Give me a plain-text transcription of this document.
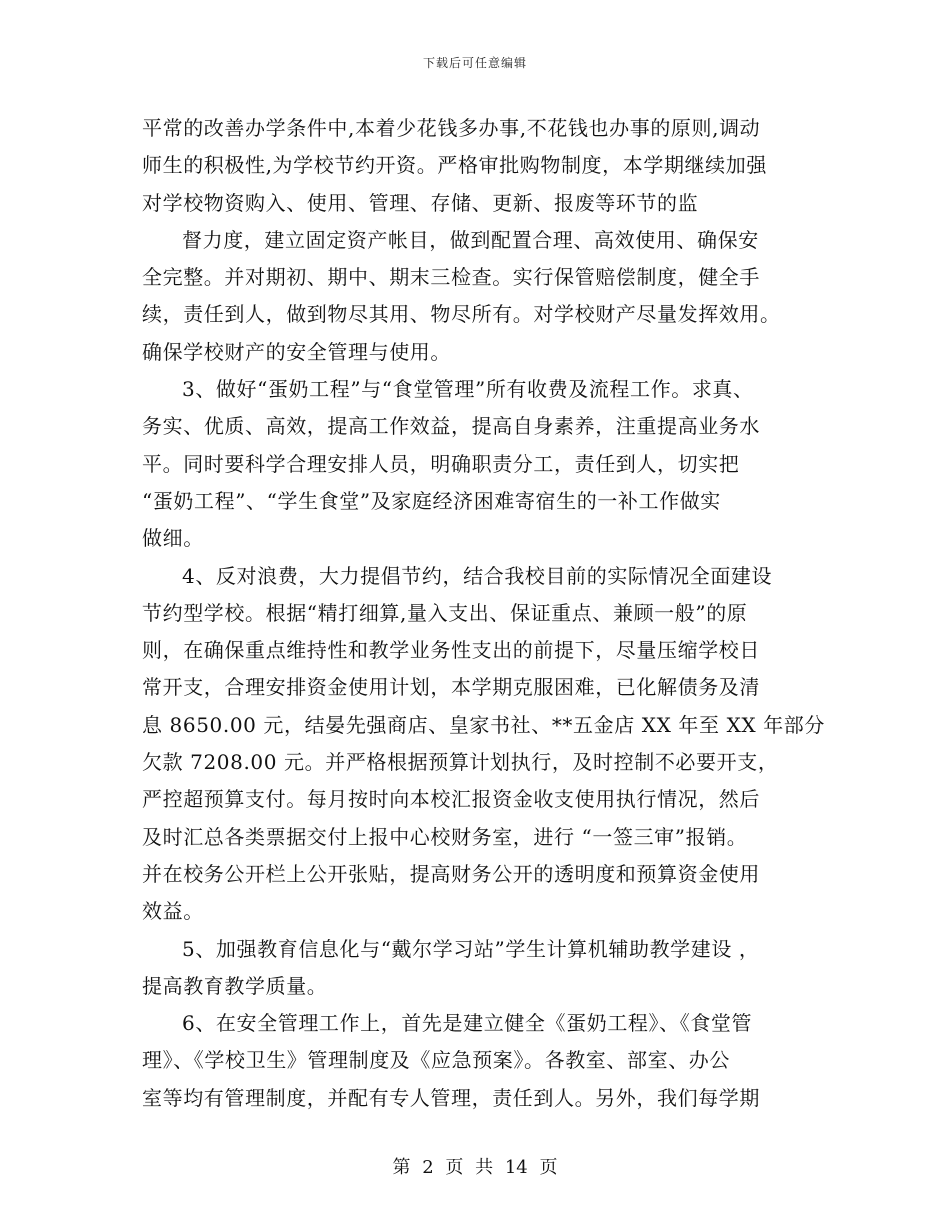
下载后可任意编辑
平常的改善办学条件中,本着少花钱多办事,不花钱也办事的原则,调动
师生的积极性,为学校节约开资。严格审批购物制度，本学期继续加强
对学校物资购入、使用、管理、存储、更新、报废等环节的监
督力度，建立固定资产帐目，做到配置合理、高效使用、确保安
全完整。并对期初、期中、期末三检查。实行保管赔偿制度，健全手
续，责任到人，做到物尽其用、物尽所有。对学校财产尽量发挥效用。
确保学校财产的安全管理与使用。
3、做好“蛋奶工程”与“食堂管理”所有收费及流程工作。求真、
务实、优质、高效，提高工作效益，提高自身素养，注重提高业务水
平。同时要科学合理安排人员，明确职责分工，责任到人，切实把
“蛋奶工程”、“学生食堂”及家庭经济困难寄宿生的一补工作做实
做细。
4、反对浪费，大力提倡节约，结合我校目前的实际情况全面建设
节约型学校。根据“精打细算,量入支出、保证重点、兼顾一般”的原
则，在确保重点维持性和教学业务性支出的前提下，尽量压缩学校日
常开支，合理安排资金使用计划，本学期克服困难，已化解债务及清
息 8650.00 元，结晏先强商店、皇家书社、**五金店 XX 年至 XX 年部分
欠款 7208.00 元。并严格根据预算计划执行，及时控制不必要开支，
严控超预算支付。每月按时向本校汇报资金收支使用执行情况，然后
及时汇总各类票据交付上报中心校财务室，进行 “一签三审”报销。
并在校务公开栏上公开张贴，提高财务公开的透明度和预算资金使用
效益。
5、加强教育信息化与“戴尔学习站”学生计算机辅助教学建设 ，
提高教育教学质量。
6、在安全管理工作上，首先是建立健全《蛋奶工程》、《食堂管
理》、《学校卫生》管理制度及《应急预案》。各教室、部室、办公
室等均有管理制度，并配有专人管理，责任到人。另外，我们每学期
第 2 页 共 14 页
